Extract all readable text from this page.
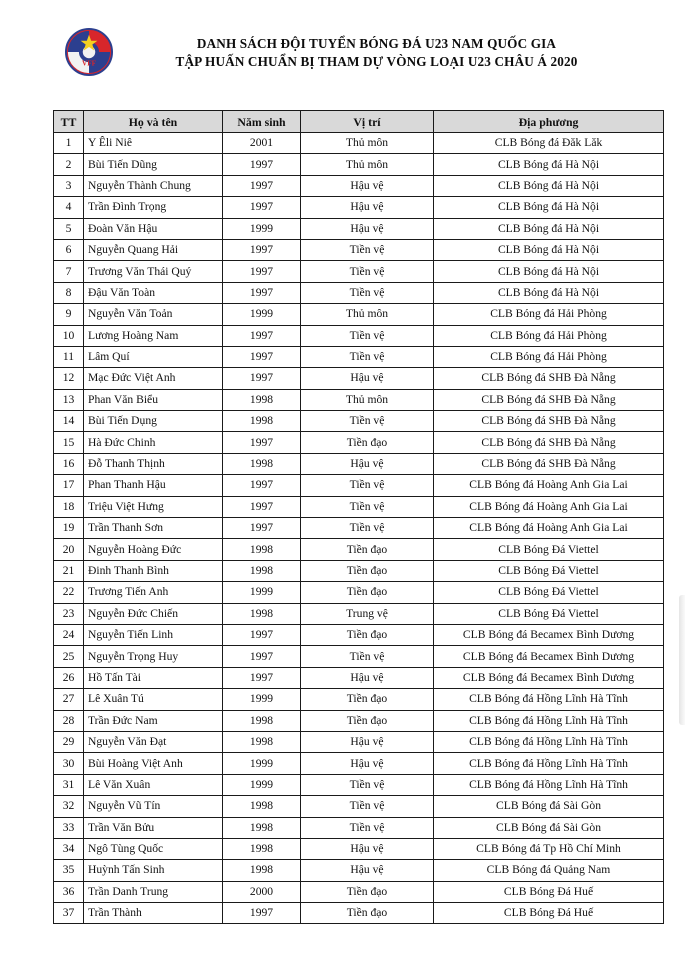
VFF
DANH SÁCH ĐỘI TUYỂN BÓNG ĐÁ U23 NAM QUỐC GIA
TẬP HUẤN CHUẨN BỊ THAM DỰ VÒNG LOẠI U23 CHÂU Á 2020
TT	Họ và tên	Năm sinh	Vị trí	Địa phương
1	Y Êli Niê	2001	Thủ môn	CLB Bóng đá Đăk Lăk
2	Bùi Tiến Dũng	1997	Thủ môn	CLB Bóng đá Hà Nội
3	Nguyễn Thành Chung	1997	Hậu vệ	CLB Bóng đá Hà Nội
4	Trần Đình Trọng	1997	Hậu vệ	CLB Bóng đá Hà Nội
5	Đoàn Văn Hậu	1999	Hậu vệ	CLB Bóng đá Hà Nội
6	Nguyễn Quang Hải	1997	Tiền vệ	CLB Bóng đá Hà Nội
7	Trương Văn Thái Quý	1997	Tiền vệ	CLB Bóng đá Hà Nội
8	Đậu Văn Toàn	1997	Tiền vệ	CLB Bóng đá Hà Nội
9	Nguyễn Văn Toản	1999	Thủ môn	CLB Bóng đá Hải Phòng
10	Lương Hoàng Nam	1997	Tiền vệ	CLB Bóng đá Hải Phòng
11	Lâm Quí	1997	Tiền vệ	CLB Bóng đá Hải Phòng
12	Mạc Đức Việt Anh	1997	Hậu vệ	CLB Bóng đá SHB Đà Nẵng
13	Phan Văn Biểu	1998	Thủ môn	CLB Bóng đá SHB Đà Nẵng
14	Bùi Tiến Dụng	1998	Tiền vệ	CLB Bóng đá SHB Đà Nẵng
15	Hà Đức Chinh	1997	Tiền đạo	CLB Bóng đá SHB Đà Nẵng
16	Đỗ Thanh Thịnh	1998	Hậu vệ	CLB Bóng đá SHB Đà Nẵng
17	Phan Thanh Hậu	1997	Tiền vệ	CLB Bóng đá Hoàng Anh Gia Lai
18	Triệu Việt Hưng	1997	Tiền vệ	CLB Bóng đá Hoàng Anh Gia Lai
19	Trần Thanh Sơn	1997	Tiền vệ	CLB Bóng đá Hoàng Anh Gia Lai
20	Nguyễn Hoàng Đức	1998	Tiền đạo	CLB Bóng Đá Viettel
21	Đinh Thanh Bình	1998	Tiền đạo	CLB Bóng Đá Viettel
22	Trương Tiến Anh	1999	Tiền đạo	CLB Bóng Đá Viettel
23	Nguyễn Đức Chiến	1998	Trung vệ	CLB Bóng Đá Viettel
24	Nguyễn Tiến Linh	1997	Tiền đạo	CLB Bóng đá Becamex Bình Dương
25	Nguyễn Trọng Huy	1997	Tiền vệ	CLB Bóng đá Becamex Bình Dương
26	Hồ Tấn Tài	1997	Hậu vệ	CLB Bóng đá Becamex Bình Dương
27	Lê Xuân Tú	1999	Tiền đạo	CLB Bóng đá Hồng Lĩnh Hà Tĩnh
28	Trần Đức Nam	1998	Tiền đạo	CLB Bóng đá Hồng Lĩnh Hà Tĩnh
29	Nguyễn Văn Đạt	1998	Hậu vệ	CLB Bóng đá Hồng Lĩnh Hà Tĩnh
30	Bùi Hoàng Việt Anh	1999	Hậu vệ	CLB Bóng đá Hồng Lĩnh Hà Tĩnh
31	Lê Văn Xuân	1999	Tiền vệ	CLB Bóng đá Hồng Lĩnh Hà Tĩnh
32	Nguyễn Vũ Tín	1998	Tiền vệ	CLB Bóng đá Sài Gòn
33	Trần Văn Bửu	1998	Tiền vệ	CLB Bóng đá Sài Gòn
34	Ngô Tùng Quốc	1998	Hậu vệ	CLB Bóng đá Tp Hồ Chí Minh
35	Huỳnh Tấn Sinh	1998	Hậu vệ	CLB Bóng đá Quảng Nam
36	Trần Danh Trung	2000	Tiền đạo	CLB Bóng Đá Huế
37	Trần Thành	1997	Tiền đạo	CLB Bóng Đá Huế
